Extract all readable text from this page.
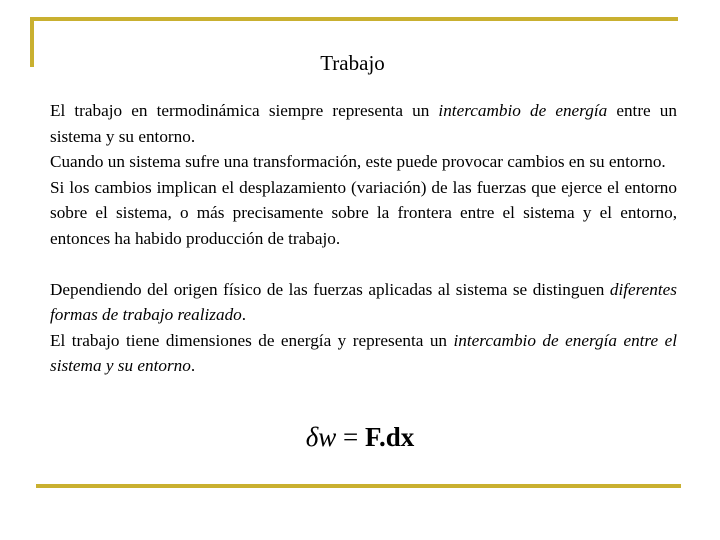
Trabajo

El trabajo en termodinámica siempre representa un intercambio de energía entre un sistema y su entorno.

Cuando un sistema sufre una transformación, este puede provocar cambios en su entorno.

Si los cambios implican el desplazamiento (variación) de las fuerzas que ejerce el entorno sobre el sistema, o más precisamente sobre la frontera entre el sistema y el entorno, entonces ha habido producción de trabajo.

Dependiendo del origen físico de las fuerzas aplicadas al sistema se distinguen diferentes formas de trabajo realizado.

El trabajo tiene dimensiones de energía y representa un intercambio de energía entre el sistema y su entorno.

δw = F.dx
